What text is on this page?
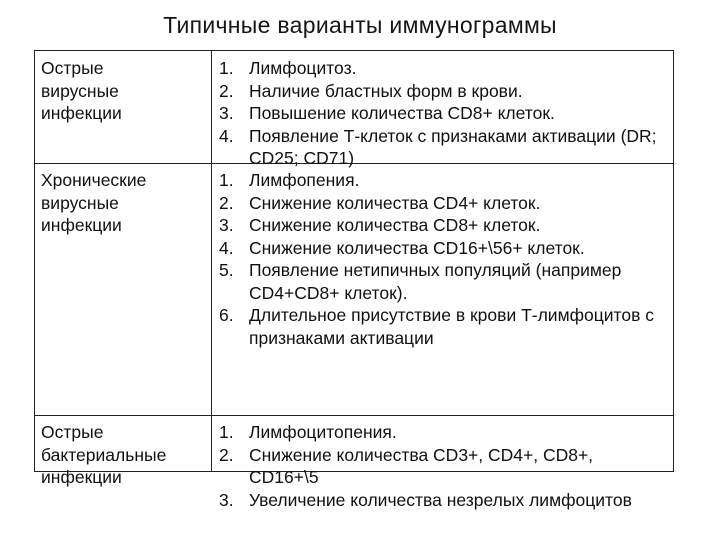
Типичные варианты иммунограммы
Острые
вирусные
инфекции
1. Лимфоцитоз.
2. Наличие бластных форм в крови.
3. Повышение количества CD8+ клеток.
4. Появление Т-клеток с признаками активации (DR; CD25; CD71)
Хронические
вирусные
инфекции
1. Лимфопения.
2. Снижение количества CD4+ клеток.
3. Снижение количества CD8+ клеток.
4. Снижение количества CD16+\56+ клеток.
5. Появление нетипичных популяций (например CD4+CD8+ клеток).
6. Длительное присутствие в крови Т-лимфоцитов с признаками активации
Острые
бактериальные
инфекции
1. Лимфоцитопения.
2. Снижение количества CD3+, CD4+, CD8+, CD16+\5
3. Увеличение количества незрелых лимфоцитов
